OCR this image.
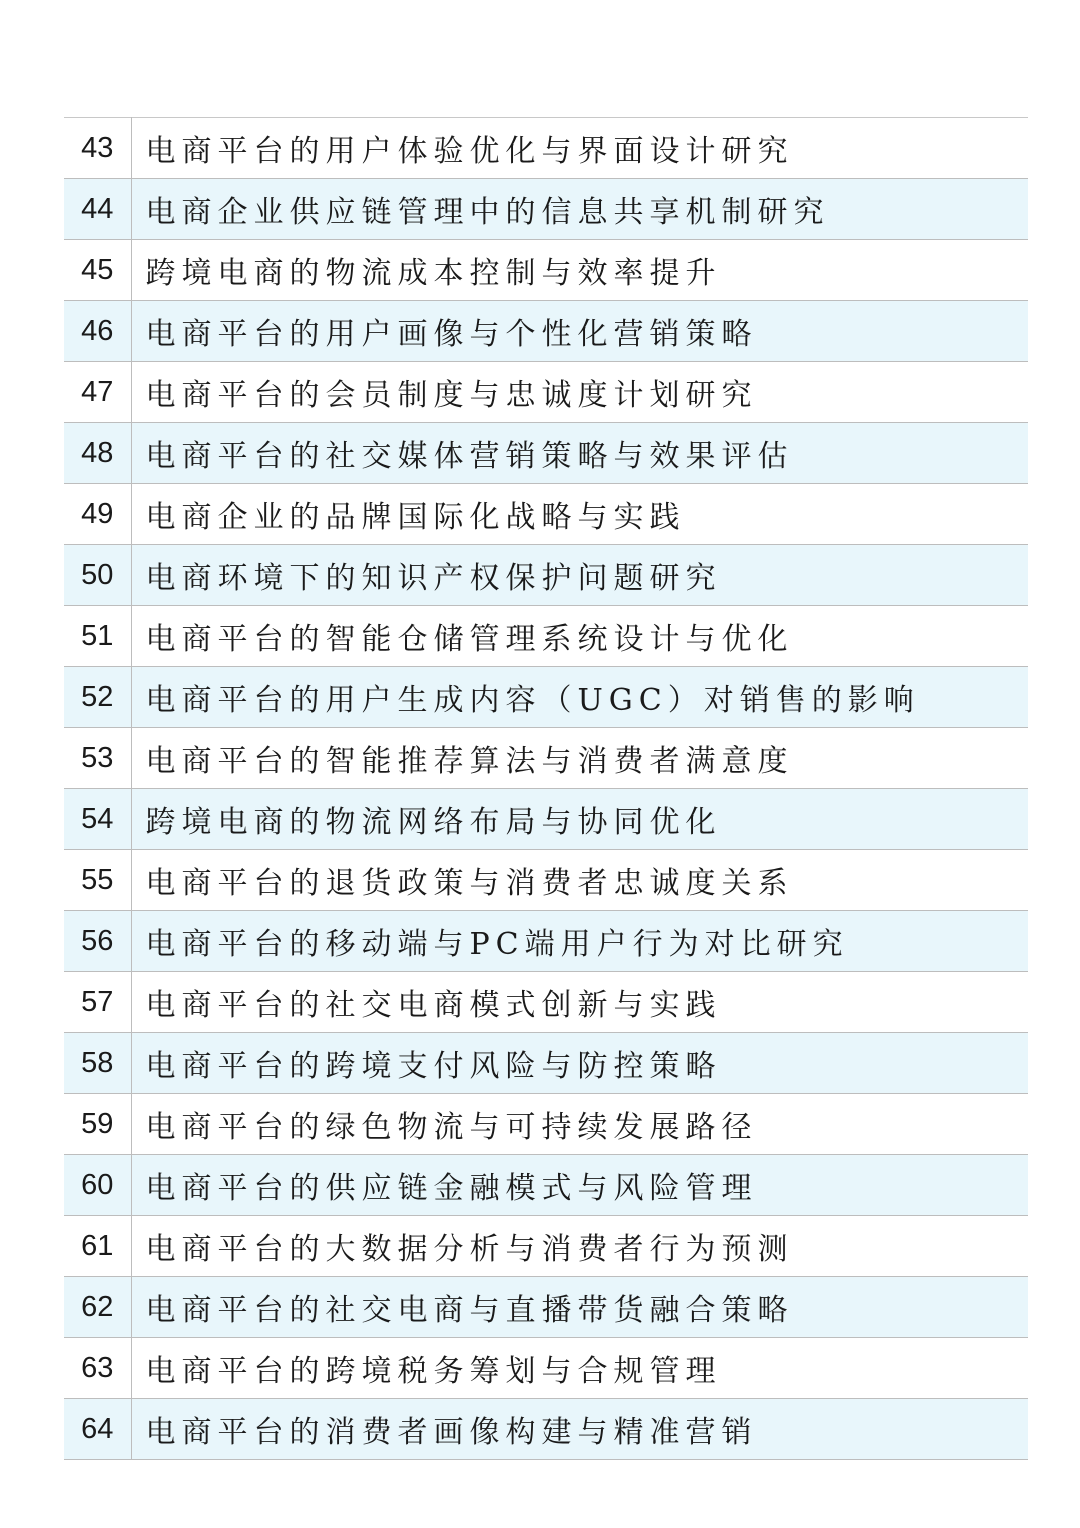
43	电商平台的用户体验优化与界面设计研究
44	电商企业供应链管理中的信息共享机制研究
45	跨境电商的物流成本控制与效率提升
46	电商平台的用户画像与个性化营销策略
47	电商平台的会员制度与忠诚度计划研究
48	电商平台的社交媒体营销策略与效果评估
49	电商企业的品牌国际化战略与实践
50	电商环境下的知识产权保护问题研究
51	电商平台的智能仓储管理系统设计与优化
52	电商平台的用户生成内容（UGC）对销售的影响
53	电商平台的智能推荐算法与消费者满意度
54	跨境电商的物流网络布局与协同优化
55	电商平台的退货政策与消费者忠诚度关系
56	电商平台的移动端与PC端用户行为对比研究
57	电商平台的社交电商模式创新与实践
58	电商平台的跨境支付风险与防控策略
59	电商平台的绿色物流与可持续发展路径
60	电商平台的供应链金融模式与风险管理
61	电商平台的大数据分析与消费者行为预测
62	电商平台的社交电商与直播带货融合策略
63	电商平台的跨境税务筹划与合规管理
64	电商平台的消费者画像构建与精准营销
